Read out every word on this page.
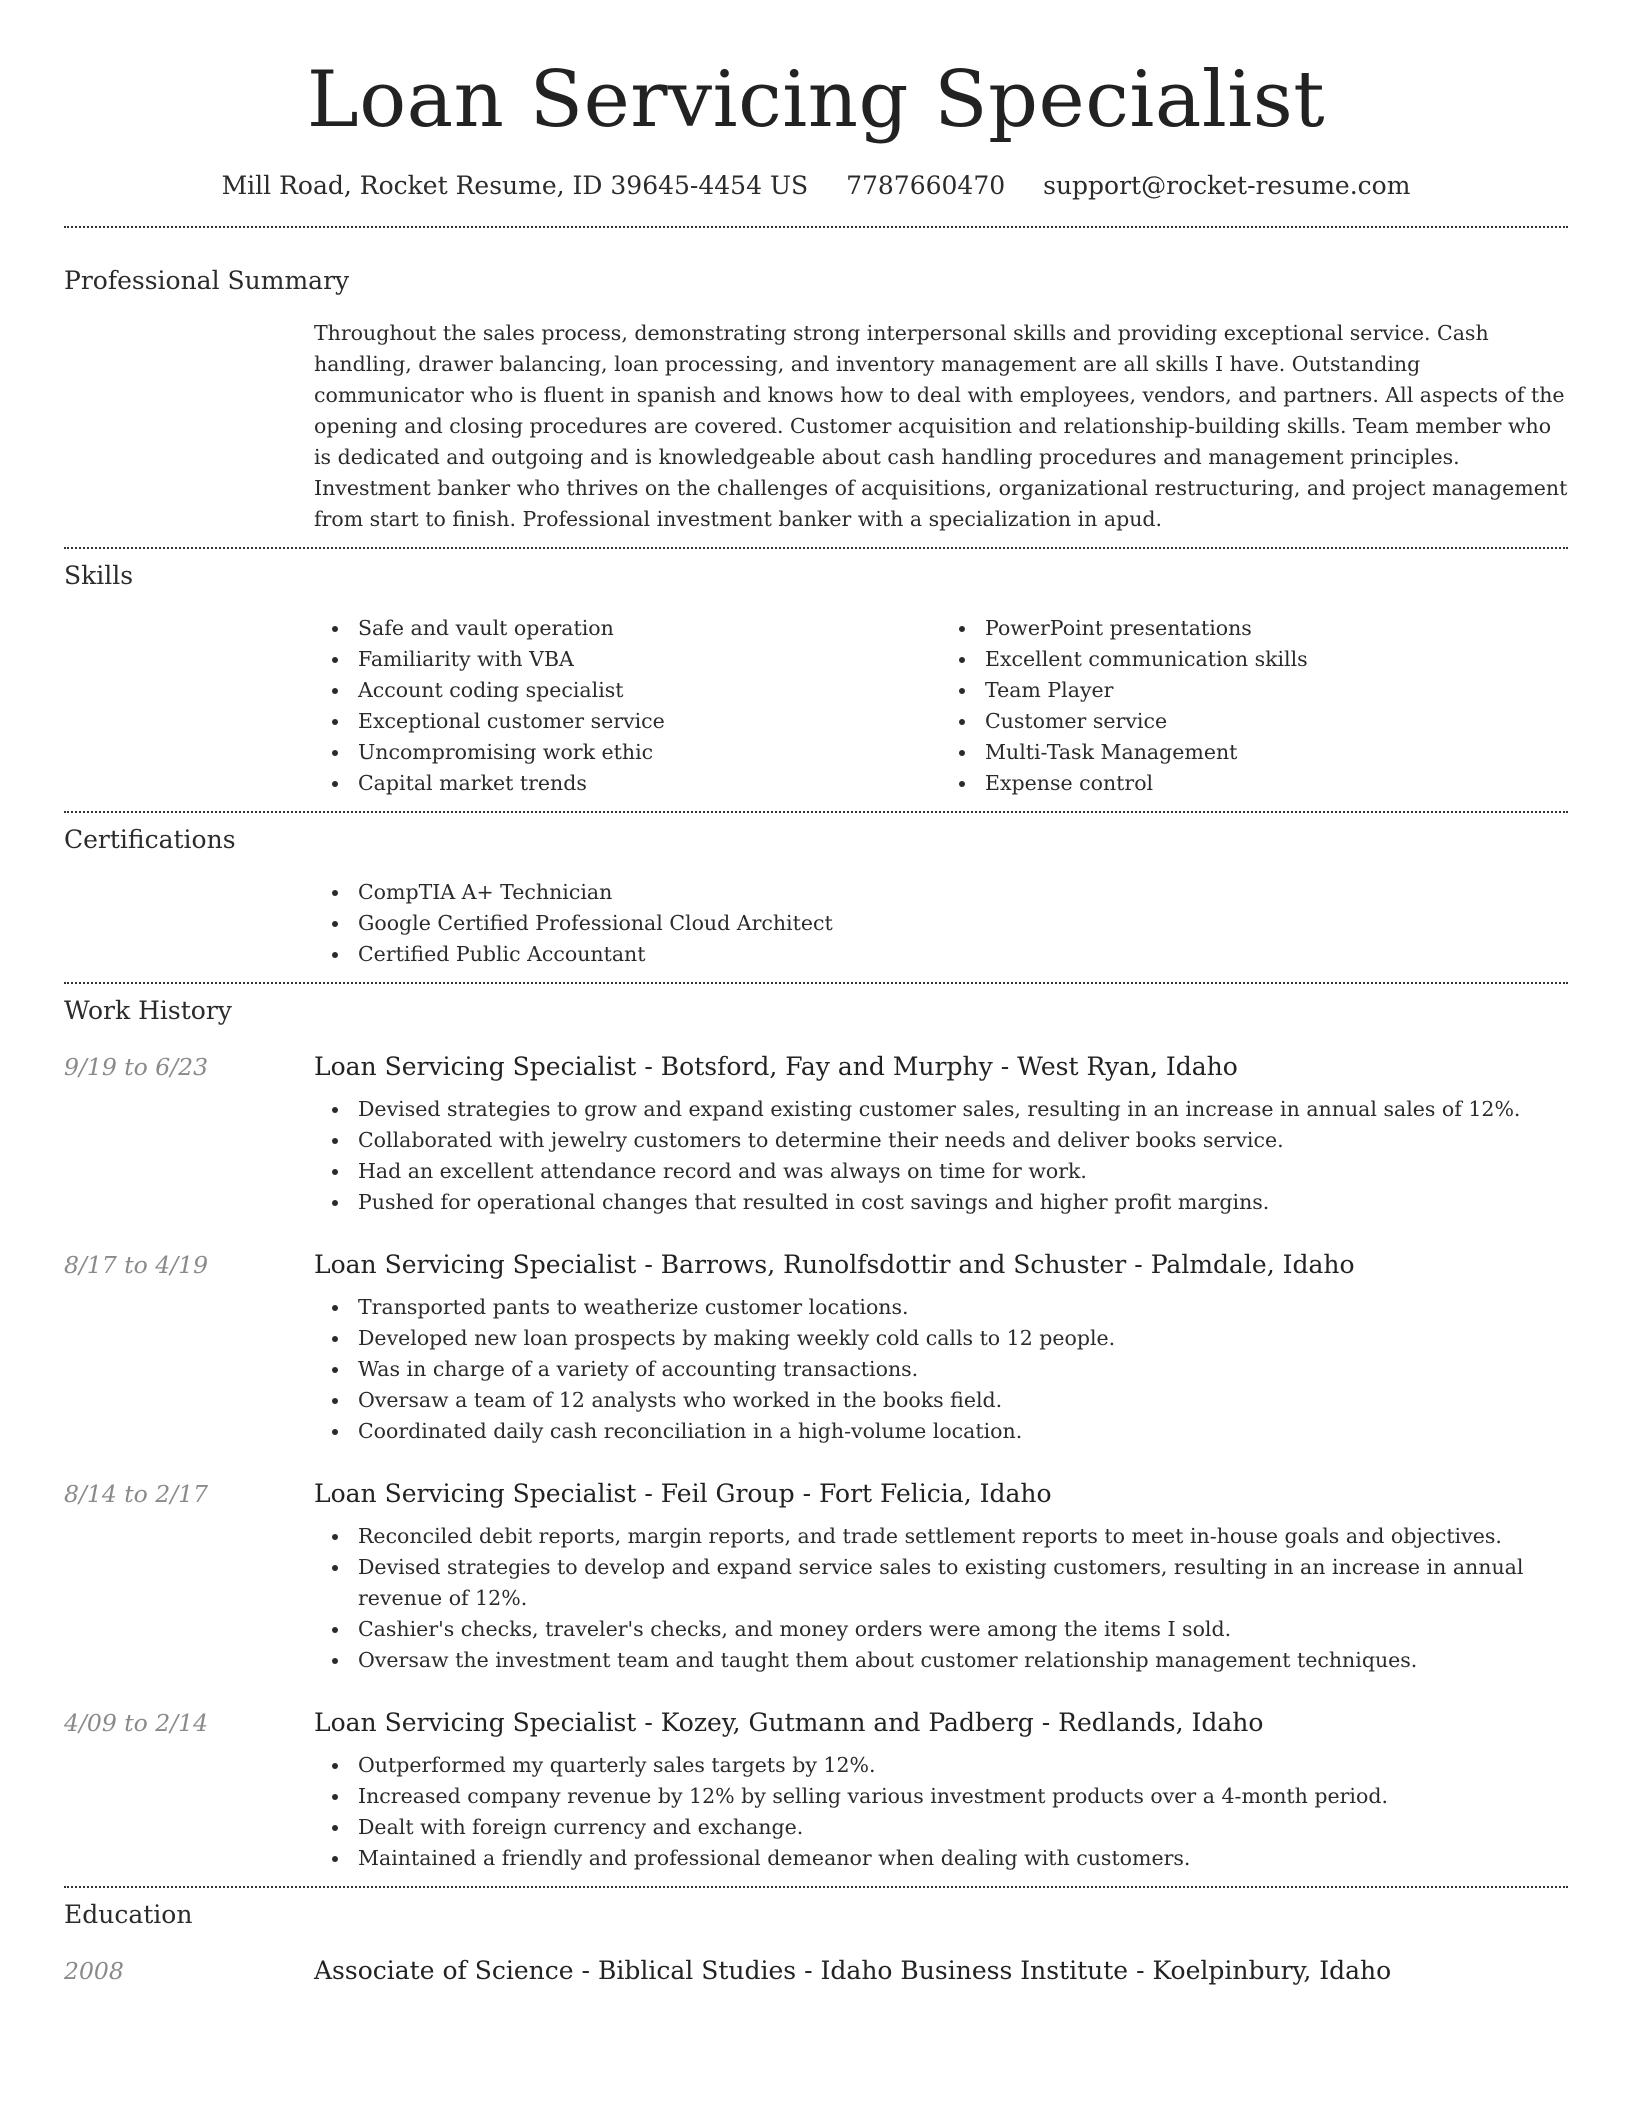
Loan Servicing Specialist
Mill Road, Rocket Resume, ID 39645-4454 US 7787660470 support@rocket-resume.com
Professional Summary

Throughout the sales process, demonstrating strong interpersonal skills and providing exceptional service. Cash handling, drawer balancing, loan processing, and inventory management are all skills I have. Outstanding communicator who is fluent in spanish and knows how to deal with employees, vendors, and partners. All aspects of the opening and closing procedures are covered. Customer acquisition and relationship-building skills. Team member who is dedicated and outgoing and is knowledgeable about cash handling procedures and management principles. Investment banker who thrives on the challenges of acquisitions, organizational restructuring, and project management from start to finish. Professional investment banker with a specialization in apud.

Skills
Safe and vault operation
Familiarity with VBA
Account coding specialist
Exceptional customer service
Uncompromising work ethic
Capital market trends
PowerPoint presentations
Excellent communication skills
Team Player
Customer service
Multi-Task Management
Expense control
Certifications
CompTIA A+ Technician
Google Certified Professional Cloud Architect
Certified Public Accountant
Work History
9/19 to 6/23	Loan Servicing Specialist - Botsford, Fay and Murphy - West Ryan, Idaho
Devised strategies to grow and expand existing customer sales, resulting in an increase in annual sales of 12%.
Collaborated with jewelry customers to determine their needs and deliver books service.
Had an excellent attendance record and was always on time for work.
Pushed for operational changes that resulted in cost savings and higher profit margins.
8/17 to 4/19	Loan Servicing Specialist - Barrows, Runolfsdottir and Schuster - Palmdale, Idaho
Transported pants to weatherize customer locations.
Developed new loan prospects by making weekly cold calls to 12 people.
Was in charge of a variety of accounting transactions.
Oversaw a team of 12 analysts who worked in the books field.
Coordinated daily cash reconciliation in a high-volume location.
8/14 to 2/17	Loan Servicing Specialist - Feil Group - Fort Felicia, Idaho
Reconciled debit reports, margin reports, and trade settlement reports to meet in-house goals and objectives.
Devised strategies to develop and expand service sales to existing customers, resulting in an increase in annual revenue of 12%.
Cashier's checks, traveler's checks, and money orders were among the items I sold.
Oversaw the investment team and taught them about customer relationship management techniques.
4/09 to 2/14	Loan Servicing Specialist - Kozey, Gutmann and Padberg - Redlands, Idaho
Outperformed my quarterly sales targets by 12%.
Increased company revenue by 12% by selling various investment products over a 4-month period.
Dealt with foreign currency and exchange.
Maintained a friendly and professional demeanor when dealing with customers.
Education
2008	Associate of Science - Biblical Studies - Idaho Business Institute - Koelpinbury, Idaho
